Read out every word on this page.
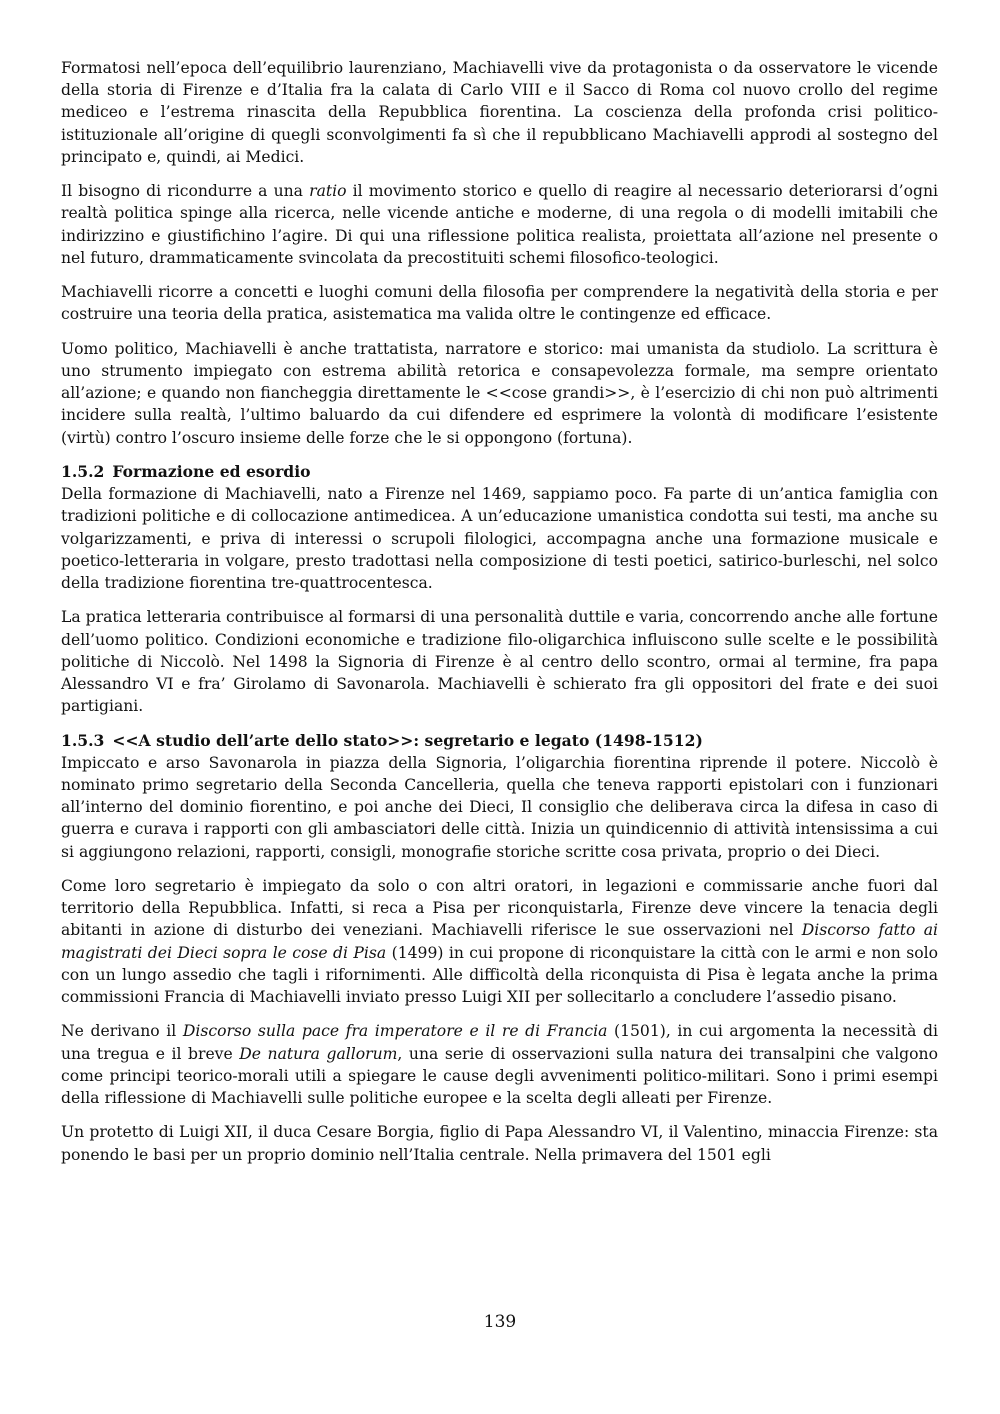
Formatosi nell’epoca dell’equilibrio laurenziano, Machiavelli vive da protagonista o da osservatore le vicende della storia di Firenze e d’Italia fra la calata di Carlo VIII e il Sacco di Roma col nuovo crollo del regime mediceo e l’estrema rinascita della Repubblica fiorentina. La coscienza della profonda crisi politico-istituzionale all’origine di quegli sconvolgimenti fa sì che il repubblicano Machiavelli approdi al sostegno del principato e, quindi, ai Medici.

Il bisogno di ricondurre a una ratio il movimento storico e quello di reagire al necessario deteriorarsi d’ogni realtà politica spinge alla ricerca, nelle vicende antiche e moderne, di una regola o di modelli imitabili che indirizzino e giustifichino l’agire. Di qui una riflessione politica realista, proiettata all’azione nel presente o nel futuro, drammaticamente svincolata da precostituiti schemi filosofico-teologici.

Machiavelli ricorre a concetti e luoghi comuni della filosofia per comprendere la negatività della storia e per costruire una teoria della pratica, asistematica ma valida oltre le contingenze ed efficace.

Uomo politico, Machiavelli è anche trattatista, narratore e storico: mai umanista da studiolo. La scrittura è uno strumento impiegato con estrema abilità retorica e consapevolezza formale, ma sempre orientato all’azione; e quando non fiancheggia direttamente le <<cose grandi>>, è l’esercizio di chi non può altrimenti incidere sulla realtà, l’ultimo baluardo da cui difendere ed esprimere la volontà di modificare l’esistente (virtù) contro l’oscuro insieme delle forze che le si oppongono (fortuna).

1.5.2 Formazione ed esordio

Della formazione di Machiavelli, nato a Firenze nel 1469, sappiamo poco. Fa parte di un’antica famiglia con tradizioni politiche e di collocazione antimedicea. A un’educazione umanistica condotta sui testi, ma anche su volgarizzamenti, e priva di interessi o scrupoli filologici, accompagna anche una formazione musicale e poetico-letteraria in volgare, presto tradottasi nella composizione di testi poetici, satirico-burleschi, nel solco della tradizione fiorentina tre-quattrocentesca.

La pratica letteraria contribuisce al formarsi di una personalità duttile e varia, concorrendo anche alle fortune dell’uomo politico. Condizioni economiche e tradizione filo-oligarchica influiscono sulle scelte e le possibilità politiche di Niccolò. Nel 1498 la Signoria di Firenze è al centro dello scontro, ormai al termine, fra papa Alessandro VI e fra’ Girolamo di Savonarola. Machiavelli è schierato fra gli oppositori del frate e dei suoi partigiani.

1.5.3 <<A studio dell’arte dello stato>>: segretario e legato (1498-1512)

Impiccato e arso Savonarola in piazza della Signoria, l’oligarchia fiorentina riprende il potere. Niccolò è nominato primo segretario della Seconda Cancelleria, quella che teneva rapporti epistolari con i funzionari all’interno del dominio fiorentino, e poi anche dei Dieci, Il consiglio che deliberava circa la difesa in caso di guerra e curava i rapporti con gli ambasciatori delle città. Inizia un quindicennio di attività intensissima a cui si aggiungono relazioni, rapporti, consigli, monografie storiche scritte cosa privata, proprio o dei Dieci.

Come loro segretario è impiegato da solo o con altri oratori, in legazioni e commissarie anche fuori dal territorio della Repubblica. Infatti, si reca a Pisa per riconquistarla, Firenze deve vincere la tenacia degli abitanti in azione di disturbo dei veneziani. Machiavelli riferisce le sue osservazioni nel Discorso fatto ai magistrati dei Dieci sopra le cose di Pisa (1499) in cui propone di riconquistare la città con le armi e non solo con un lungo assedio che tagli i rifornimenti. Alle difficoltà della riconquista di Pisa è legata anche la prima commissioni Francia di Machiavelli inviato presso Luigi XII per sollecitarlo a concludere l’assedio pisano.

Ne derivano il Discorso sulla pace fra imperatore e il re di Francia (1501), in cui argomenta la necessità di una tregua e il breve De natura gallorum, una serie di osservazioni sulla natura dei transalpini che valgono come principi teorico-morali utili a spiegare le cause degli avvenimenti politico-militari. Sono i primi esempi della riflessione di Machiavelli sulle politiche europee e la scelta degli alleati per Firenze.

Un protetto di Luigi XII, il duca Cesare Borgia, figlio di Papa Alessandro VI, il Valentino, minaccia Firenze: sta ponendo le basi per un proprio dominio nell’Italia centrale. Nella primavera del 1501 egli

139
